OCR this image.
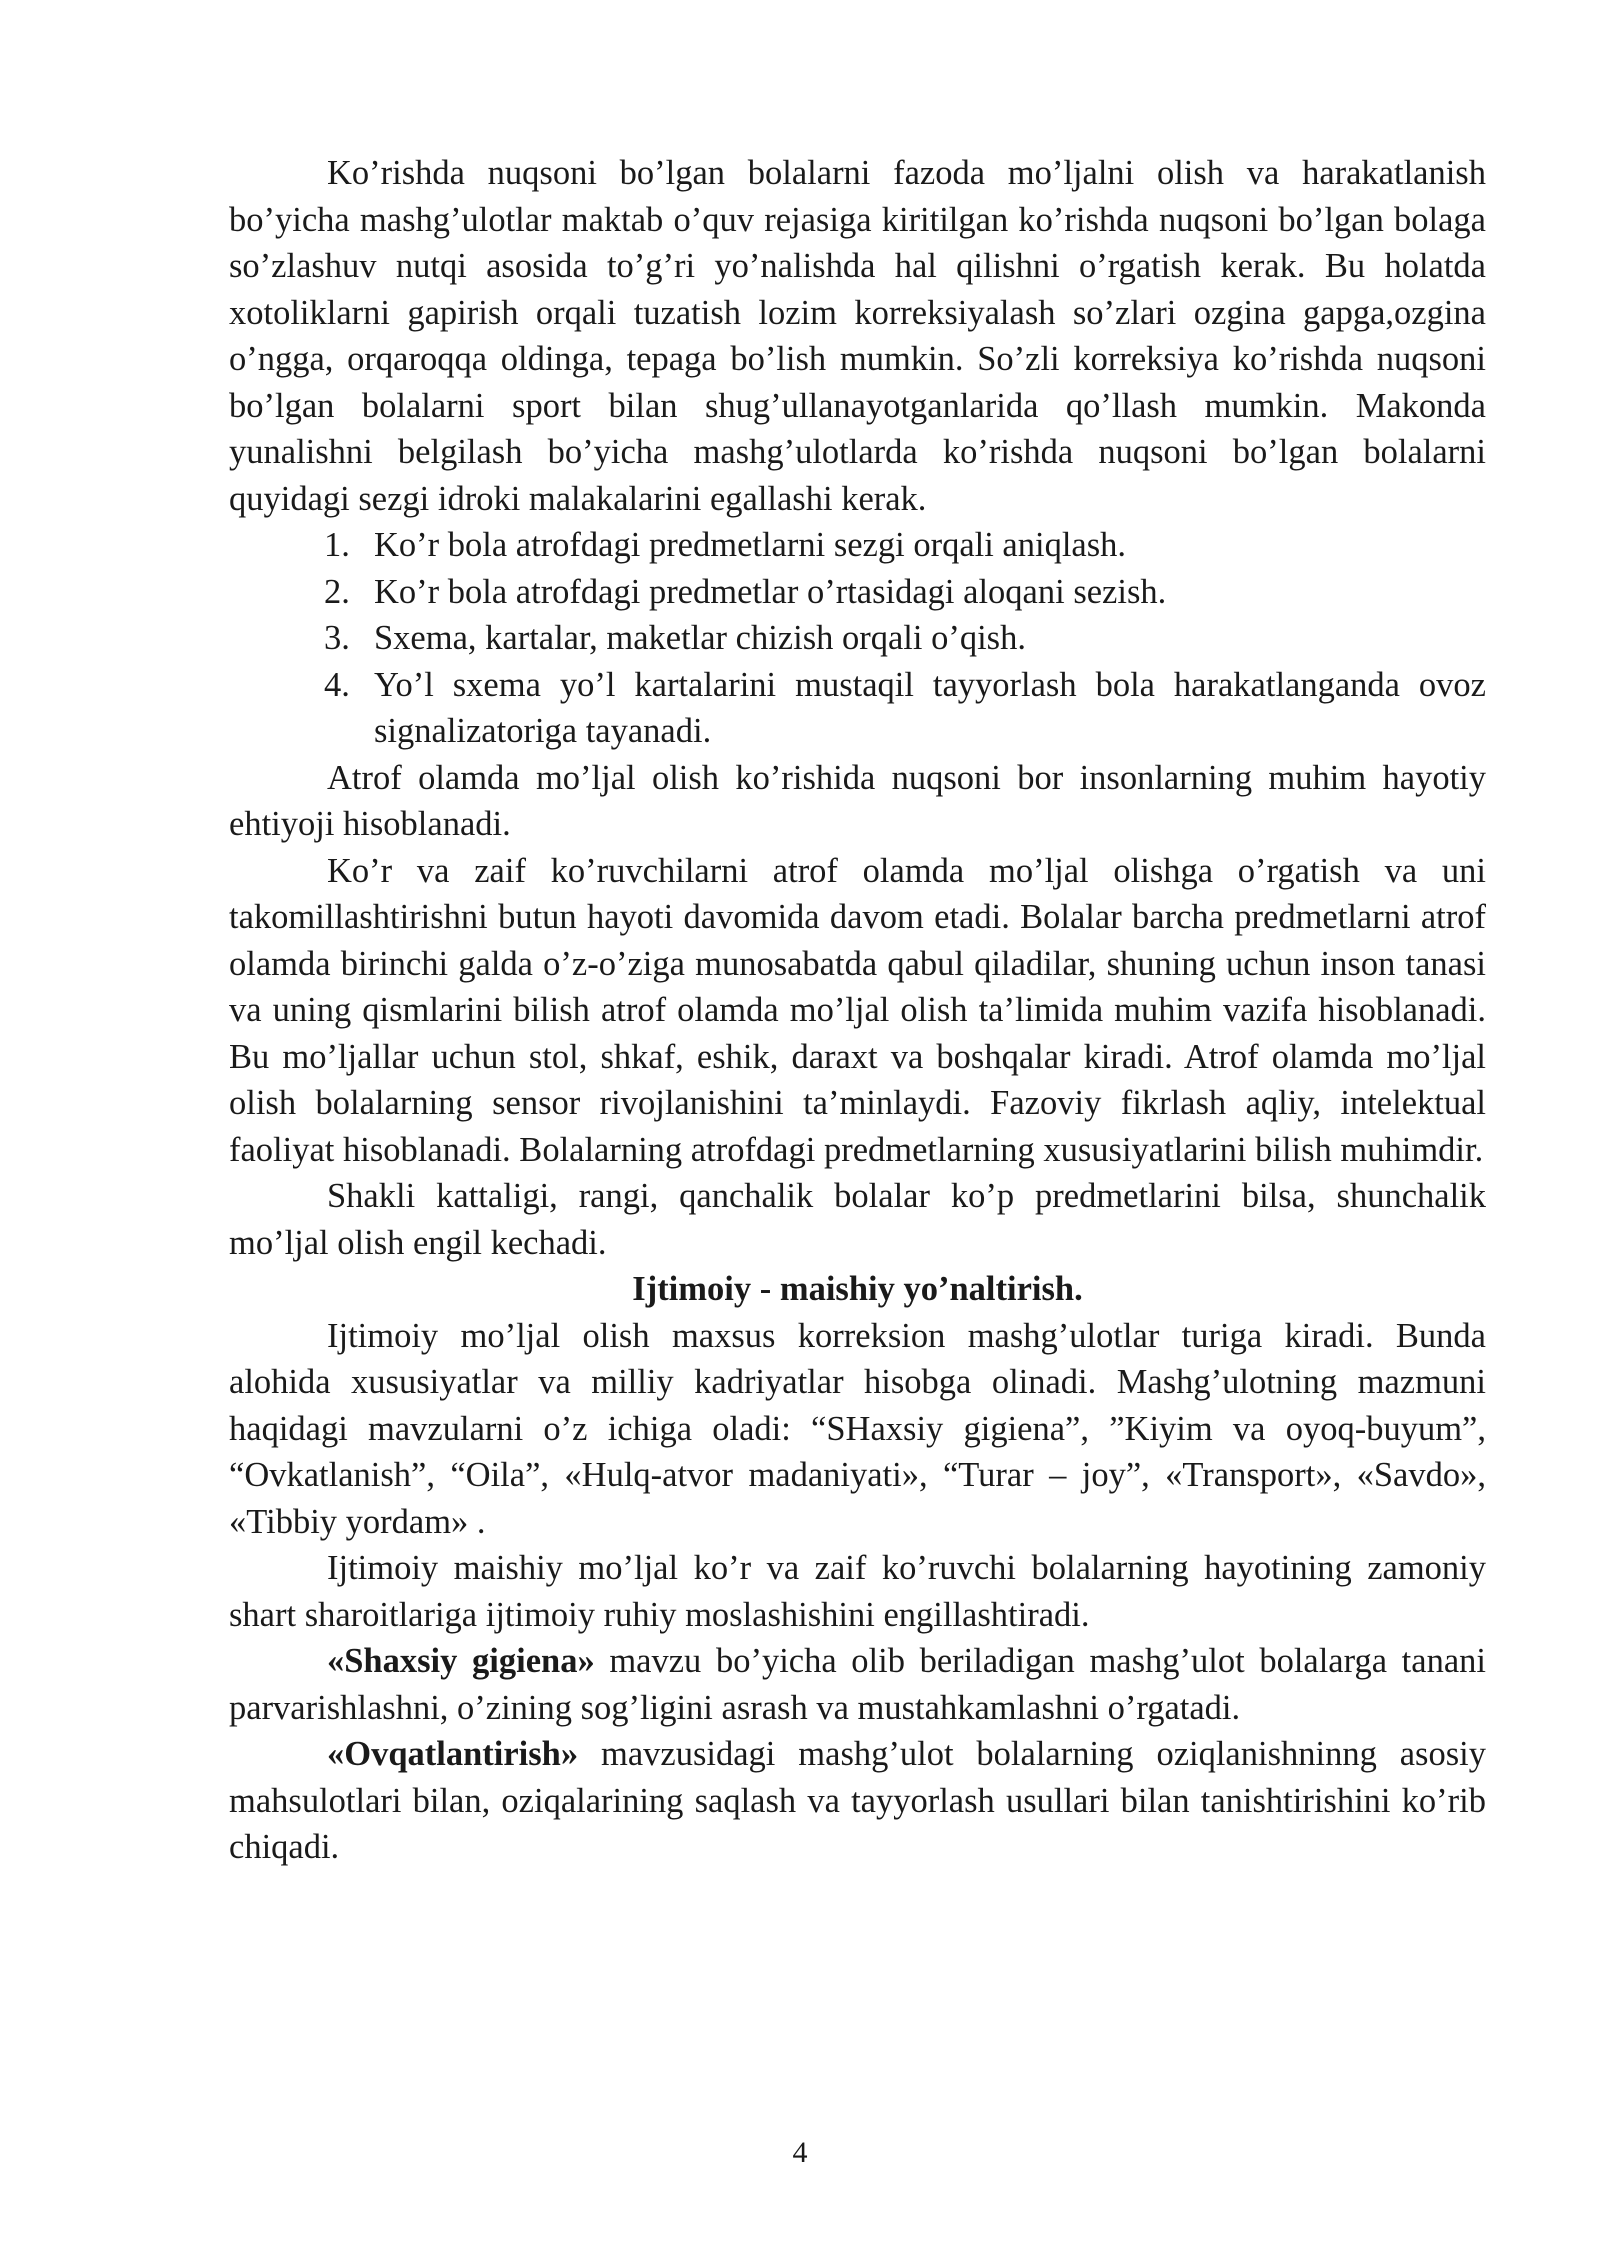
Ko’rishda nuqsoni bo’lgan bolalarni fazoda mo’ljalni olish va harakatlanish bo’yicha mashg’ulotlar maktab o’quv rejasiga kiritilgan ko’rishda nuqsoni bo’lgan bolaga so’zlashuv nutqi asosida to’g’ri yo’nalishda hal qilishni o’rgatish kerak. Bu holatda xotoliklarni gapirish orqali tuzatish lozim korreksiyalash so’zlari ozgina gapga,ozgina o’ngga, orqaroqqa oldinga, tepaga bo’lish mumkin. So’zli korreksiya ko’rishda nuqsoni bo’lgan bolalarni sport bilan shug’ullanayotganlarida qo’llash mumkin. Makonda yunalishni belgilash bo’yicha mashg’ulotlarda ko’rishda nuqsoni bo’lgan bolalarni quyidagi sezgi idroki malakalarini egallashi kerak.

1. Ko’r bola atrofdagi predmetlarni sezgi orqali aniqlash.
2. Ko’r bola atrofdagi predmetlar o’rtasidagi aloqani sezish.
3. Sxema, kartalar, maketlar chizish orqali o’qish.
4. Yo’l sxema yo’l kartalarini mustaqil tayyorlash bola harakatlanganda ovoz signalizatoriga tayanadi.

Atrof olamda mo’ljal olish ko’rishida nuqsoni bor insonlarning muhim hayotiy ehtiyoji hisoblanadi.

Ko’r va zaif ko’ruvchilarni atrof olamda mo’ljal olishga o’rgatish va uni takomillashtirishni butun hayoti davomida davom etadi. Bolalar barcha predmetlarni atrof olamda birinchi galda o’z-o’ziga munosabatda qabul qiladilar, shuning uchun inson tanasi va uning qismlarini bilish atrof olamda mo’ljal olish ta’limida muhim vazifa hisoblanadi. Bu mo’ljallar uchun stol, shkaf, eshik, daraxt va boshqalar kiradi. Atrof olamda mo’ljal olish bolalarning sensor rivojlanishini ta’minlaydi. Fazoviy fikrlash aqliy, intelektual faoliyat hisoblanadi. Bolalarning atrofdagi predmetlarning xususiyatlarini bilish muhimdir.

Shakli kattaligi, rangi, qanchalik bolalar ko’p predmetlarini bilsa, shunchalik mo’ljal olish engil kechadi.

Ijtimoiy - maishiy yo’naltirish.

Ijtimoiy mo’ljal olish maxsus korreksion mashg’ulotlar turiga kiradi. Bunda alohida xususiyatlar va milliy kadriyatlar hisobga olinadi. Mashg’ulotning mazmuni haqidagi mavzularni o’z ichiga oladi: “SHaxsiy gigiena”, ”Kiyim va oyoq-buyum”, “Ovkatlanish”, “Oila”, «Hulq-atvor madaniyati», “Turar – joy”, «Transport», «Savdo», «Tibbiy yordam» .

Ijtimoiy maishiy mo’ljal ko’r va zaif ko’ruvchi bolalarning hayotining zamoniy shart sharoitlariga ijtimoiy ruhiy moslashishini engillashtiradi.

«Shaxsiy gigiena» mavzu bo’yicha olib beriladigan mashg’ulot bolalarga tanani parvarishlashni, o’zining sog’ligini asrash va mustahkamlashni o’rgatadi.

«Ovqatlantirish» mavzusidagi mashg’ulot bolalarning oziqlanishninng asosiy mahsulotlari bilan, oziqalarining saqlash va tayyorlash usullari bilan tanishtirishini ko’rib chiqadi.

4
